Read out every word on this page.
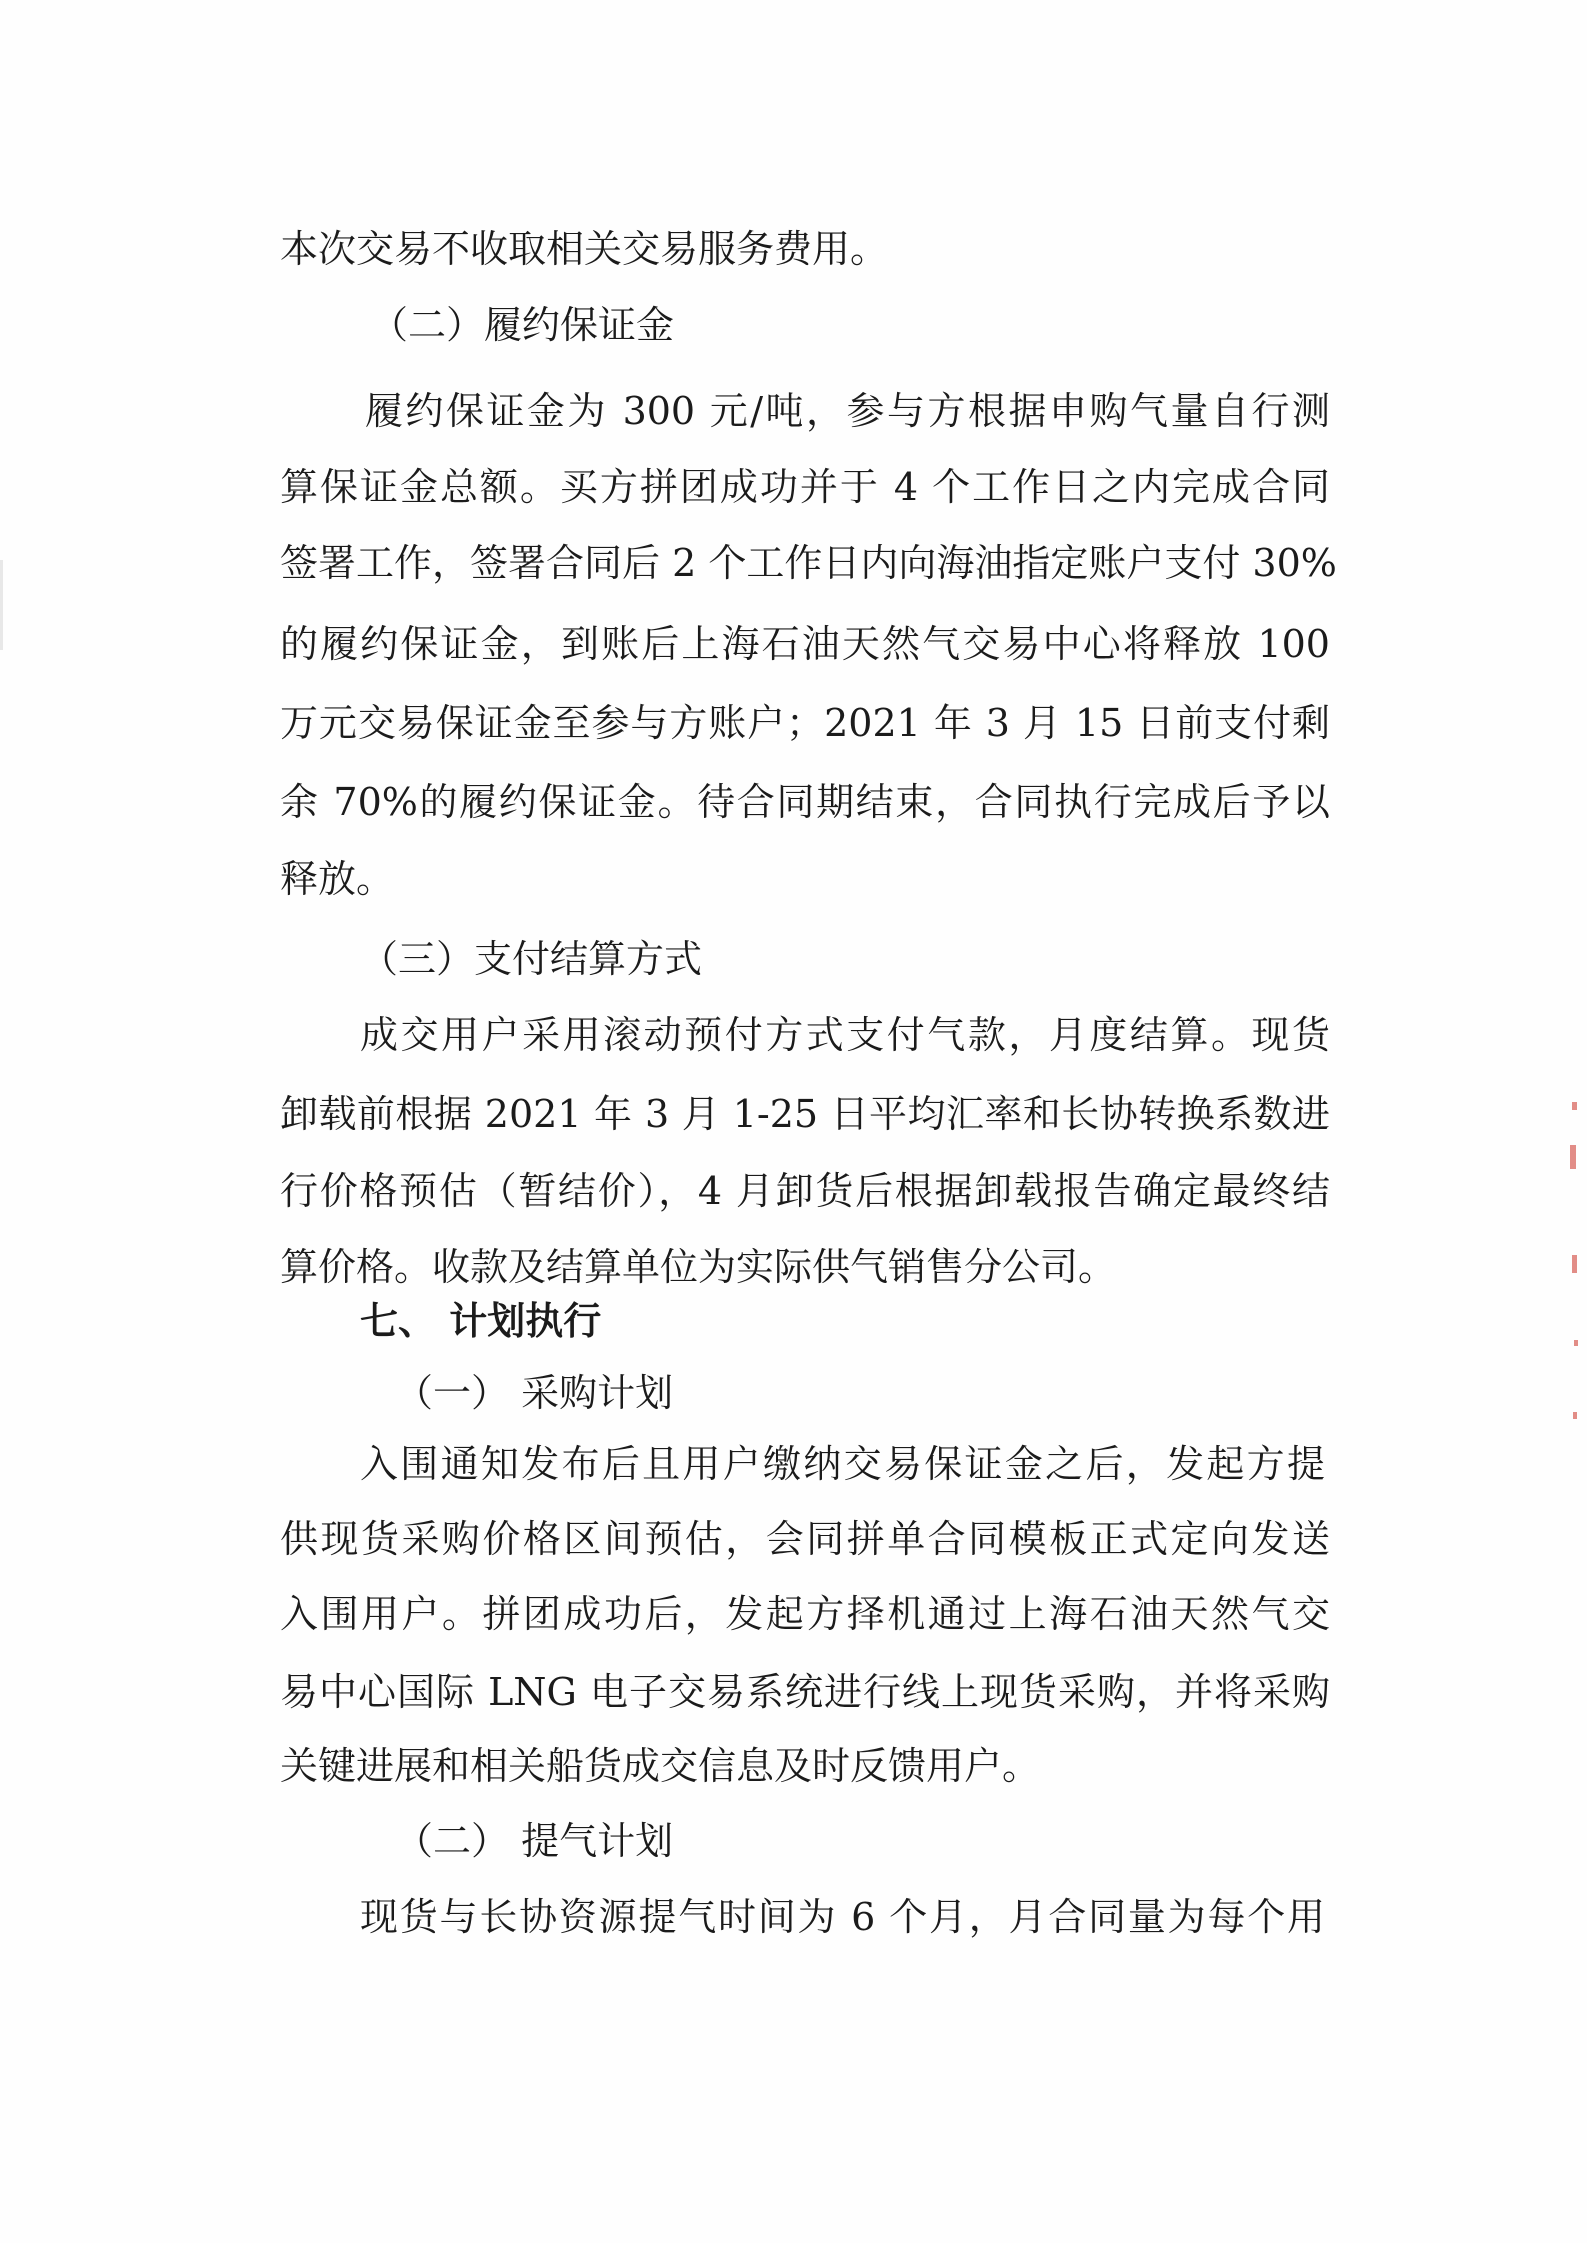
本次交易不收取相关交易服务费用。
（二）履约保证金
履约保证金为 300 元/吨，参与方根据申购气量自行测
算保证金总额。买方拼团成功并于 4 个工作日之内完成合同
签署工作，签署合同后 2 个工作日内向海油指定账户支付 30%
的履约保证金，到账后上海石油天然气交易中心将释放 100
万元交易保证金至参与方账户；2021 年 3 月 15 日前支付剩
余 70%的履约保证金。待合同期结束，合同执行完成后予以
释放。
（三）支付结算方式
成交用户采用滚动预付方式支付气款，月度结算。现货
卸载前根据 2021 年 3 月 1-25 日平均汇率和长协转换系数进
行价格预估（暂结价），4 月卸货后根据卸载报告确定最终结
算价格。收款及结算单位为实际供气销售分公司。
七、 计划执行
（一） 采购计划
入围通知发布后且用户缴纳交易保证金之后，发起方提
供现货采购价格区间预估，会同拼单合同模板正式定向发送
入围用户。拼团成功后，发起方择机通过上海石油天然气交
易中心国际 LNG 电子交易系统进行线上现货采购，并将采购
关键进展和相关船货成交信息及时反馈用户。
（二） 提气计划
现货与长协资源提气时间为 6 个月，月合同量为每个用
